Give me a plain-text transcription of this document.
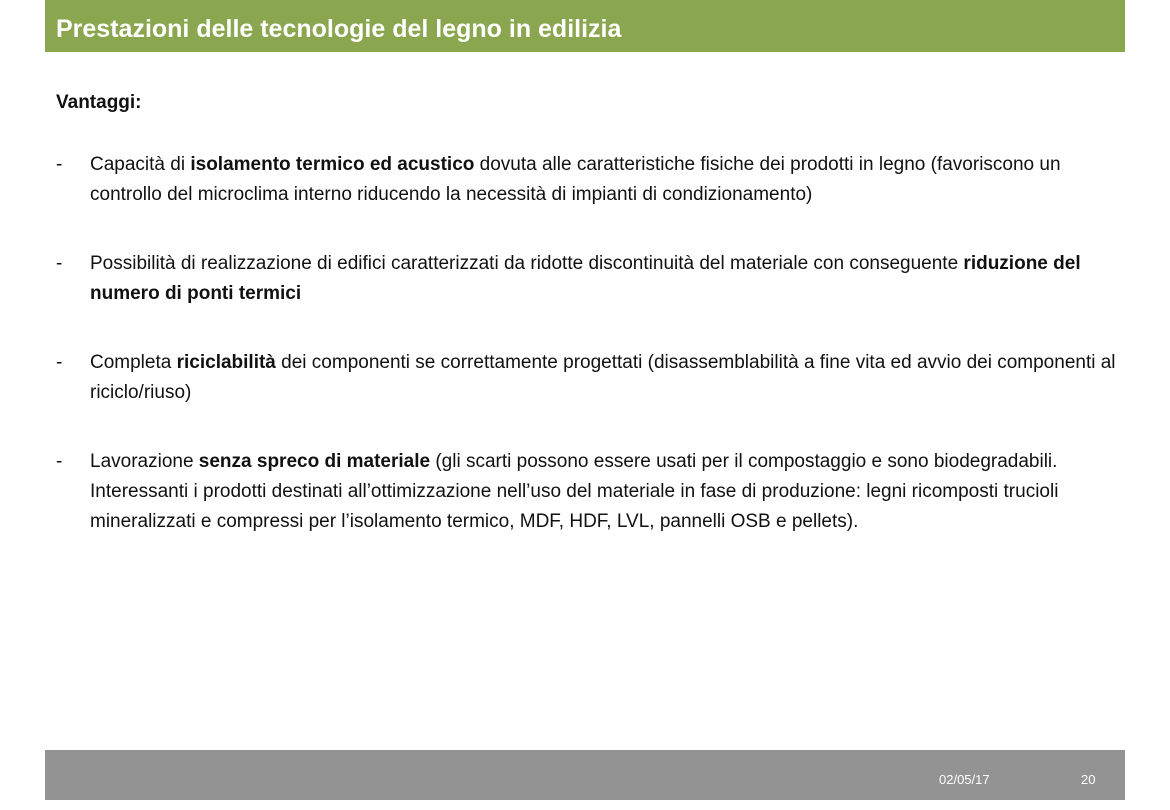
Prestazioni delle tecnologie del legno in edilizia
Vantaggi:
- Capacità di isolamento termico ed acustico dovuta alle caratteristiche fisiche dei prodotti in legno (favoriscono un controllo del microclima interno riducendo la necessità di impianti di condizionamento)
- Possibilità di realizzazione di edifici caratterizzati da ridotte discontinuità del materiale con conseguente riduzione del numero di ponti termici
- Completa riciclabilità dei componenti se correttamente progettati (disassemblabilità a fine vita ed avvio dei componenti al riciclo/riuso)
- Lavorazione senza spreco di materiale (gli scarti possono essere usati per il compostaggio e sono biodegradabili. Interessanti i prodotti destinati all’ottimizzazione nell’uso del materiale in fase di produzione: legni ricomposti trucioli mineralizzati e compressi per l’isolamento termico, MDF, HDF, LVL, pannelli OSB e pellets).
02/05/17	20
